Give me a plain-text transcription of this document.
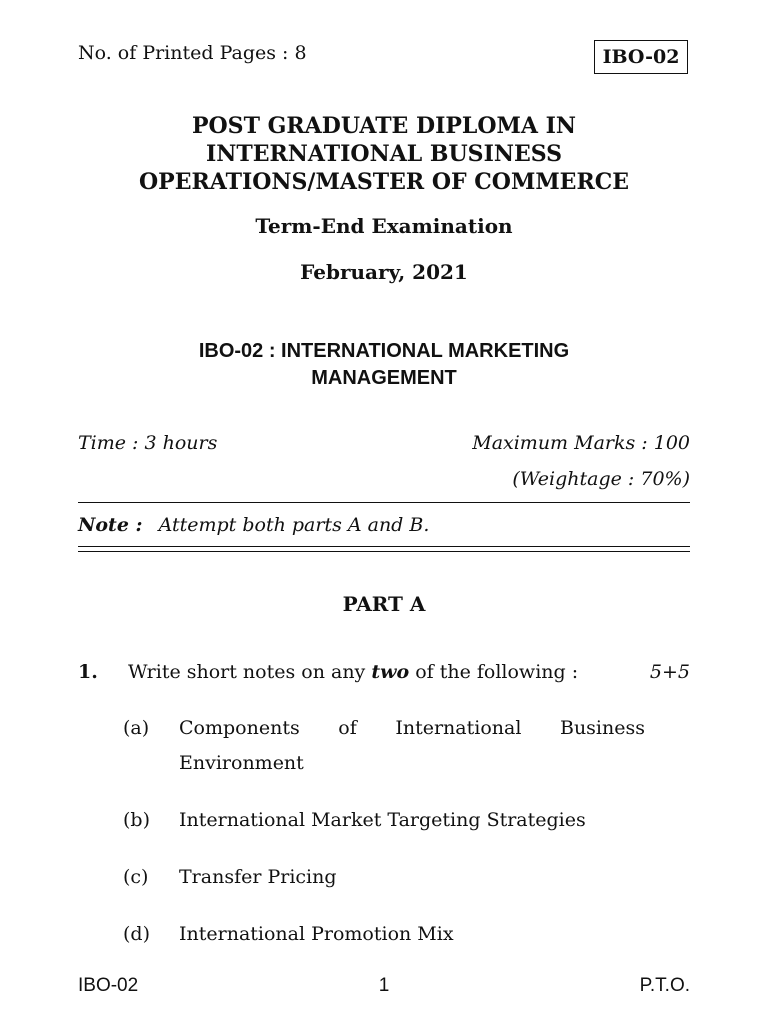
No. of Printed Pages : 8	IBO-02
POST GRADUATE DIPLOMA IN
INTERNATIONAL BUSINESS
OPERATIONS/MASTER OF COMMERCE
Term-End Examination
February, 2021
IBO-02 : INTERNATIONAL MARKETING
MANAGEMENT
Time : 3 hours	Maximum Marks : 100
(Weightage : 70%)
Note : Attempt both parts A and B.
PART A
1. Write short notes on any two of the following :	5+5
(a) Components of International Business
Environment
(b) International Market Targeting Strategies
(c) Transfer Pricing
(d) International Promotion Mix
IBO-02	1	P.T.O.
